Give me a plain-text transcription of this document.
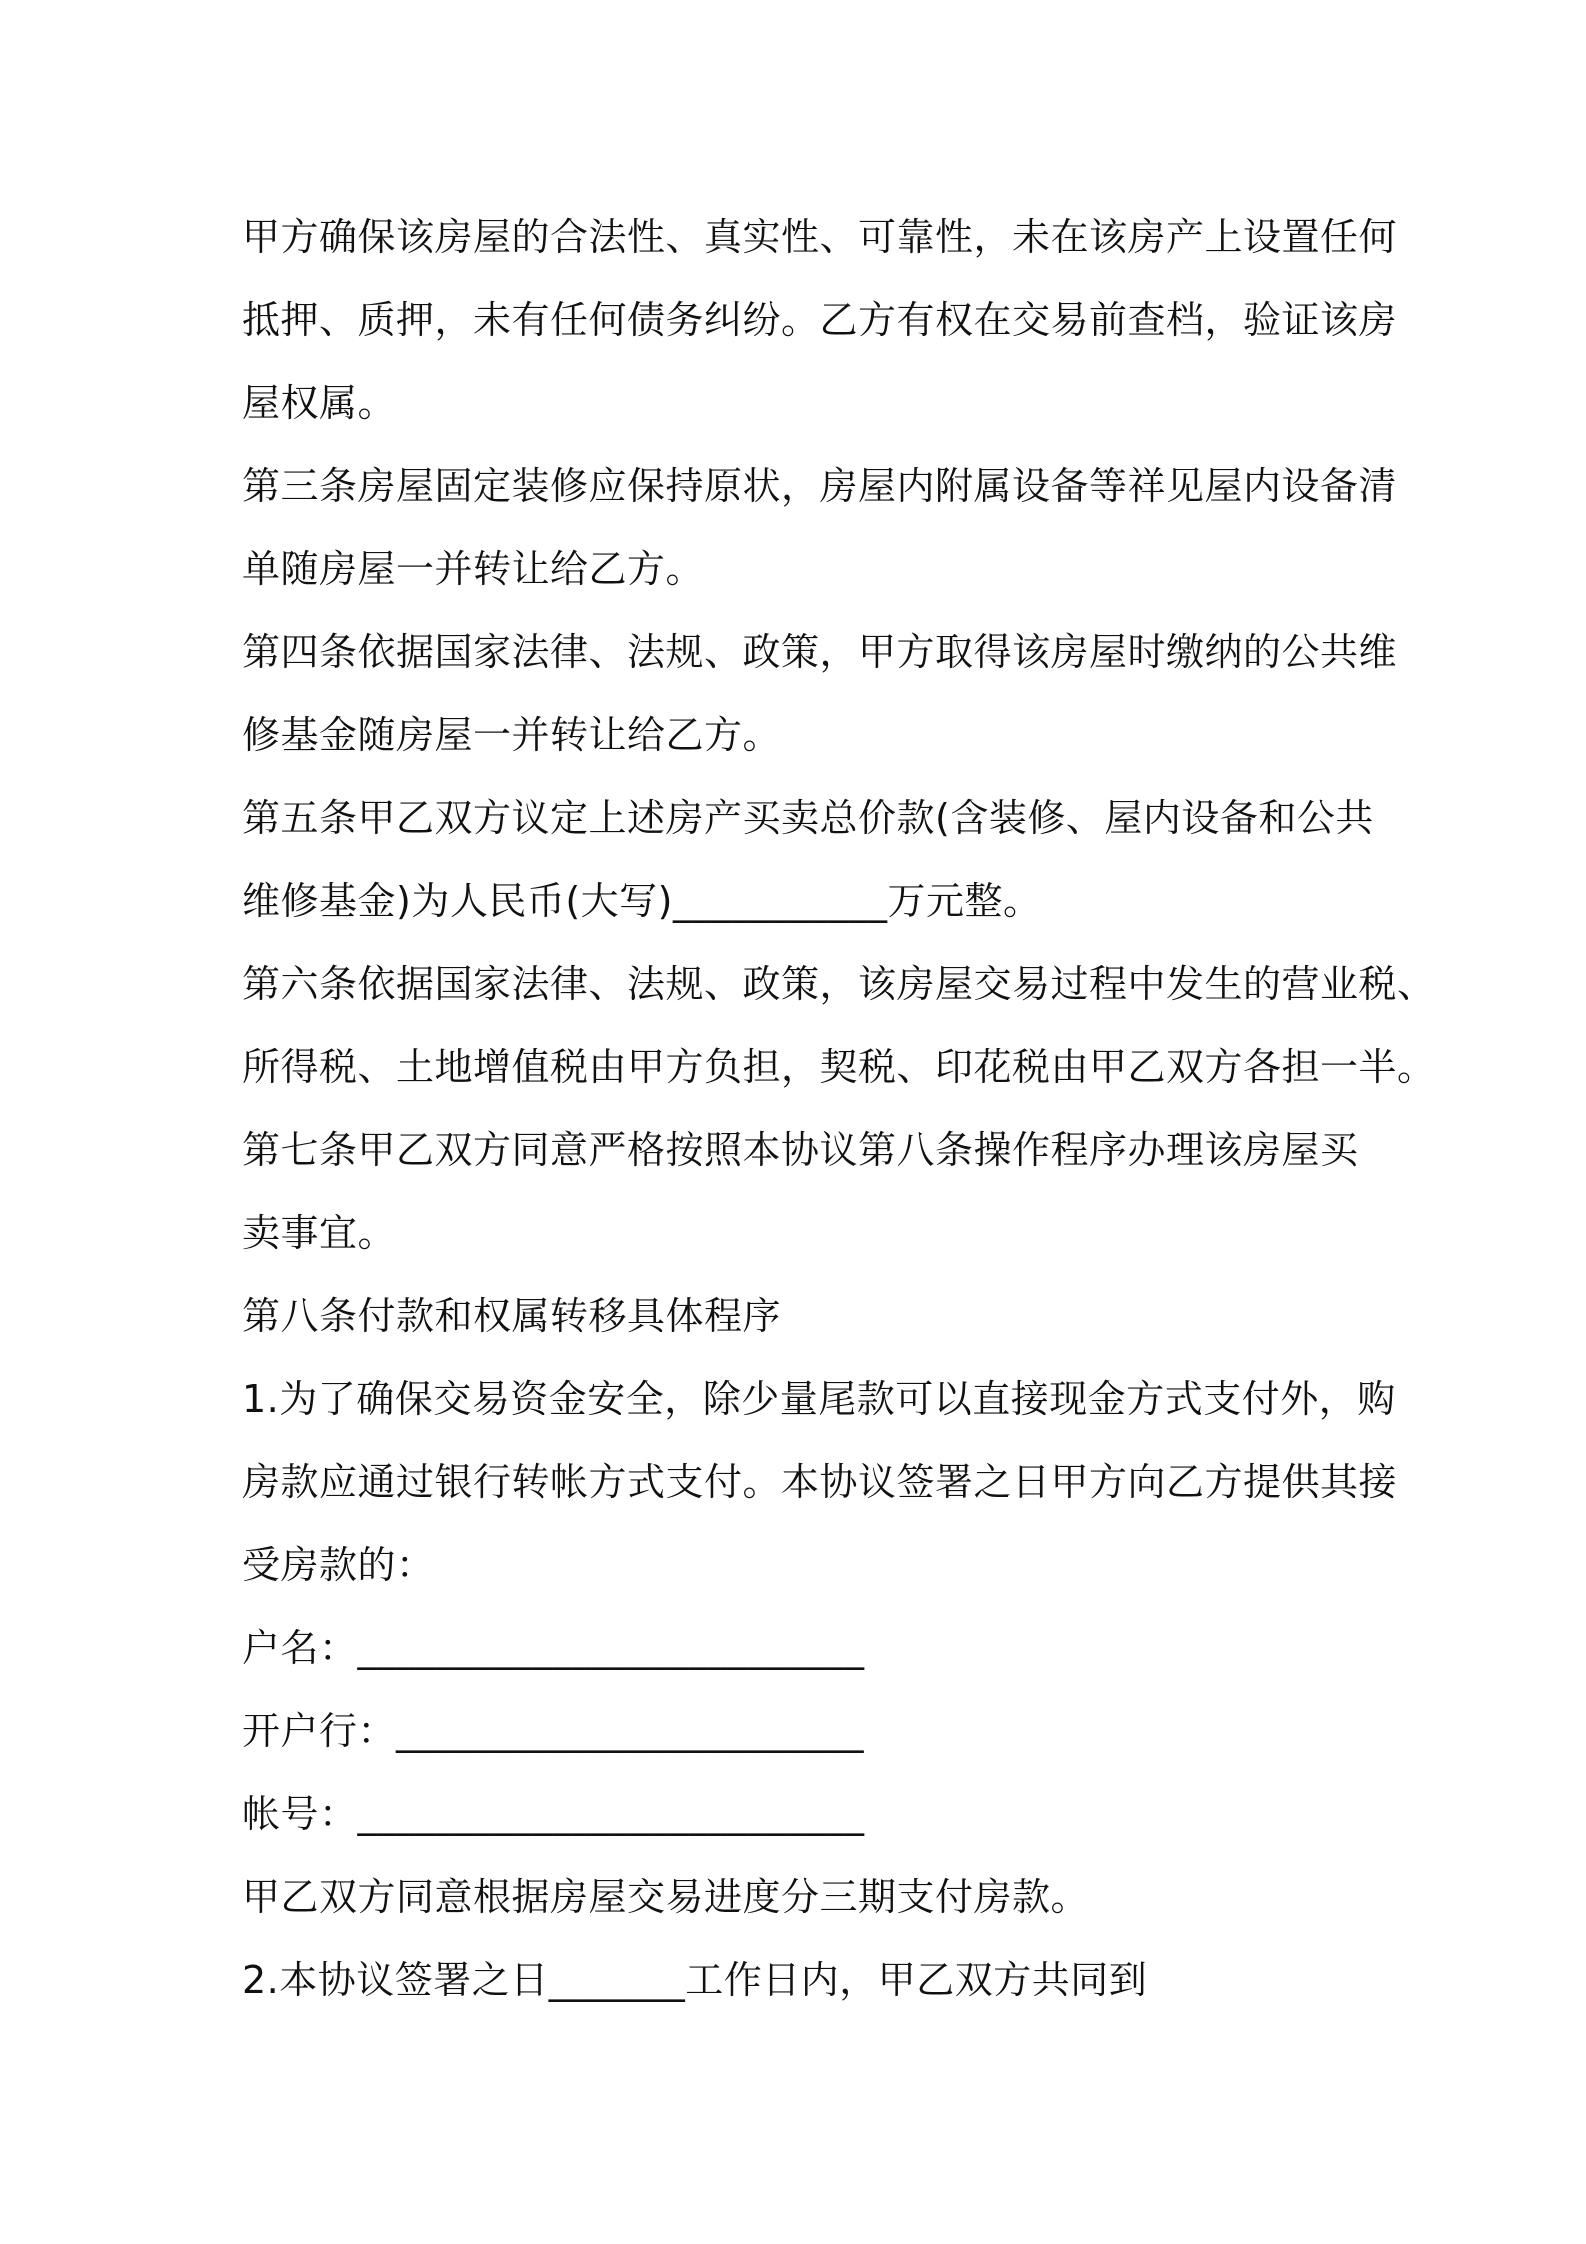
甲方确保该房屋的合法性、真实性、可靠性，未在该房产上设置任何
抵押、质押，未有任何债务纠纷。乙方有权在交易前查档，验证该房
屋权属。
第三条房屋固定装修应保持原状，房屋内附属设备等祥见屋内设备清
单随房屋一并转让给乙方。
第四条依据国家法律、法规、政策，甲方取得该房屋时缴纳的公共维
修基金随房屋一并转让给乙方。
第五条甲乙双方议定上述房产买卖总价款(含装修、屋内设备和公共
维修基金)为人民币(大写)___________万元整。
第六条依据国家法律、法规、政策，该房屋交易过程中发生的营业税、
所得税、土地增值税由甲方负担，契税、印花税由甲乙双方各担一半。
第七条甲乙双方同意严格按照本协议第八条操作程序办理该房屋买
卖事宜。
第八条付款和权属转移具体程序
1.为了确保交易资金安全，除少量尾款可以直接现金方式支付外，购
房款应通过银行转帐方式支付。本协议签署之日甲方向乙方提供其接
受房款的：
户名：__________________________
开户行：________________________
帐号：__________________________
甲乙双方同意根据房屋交易进度分三期支付房款。
2.本协议签署之日_______工作日内，甲乙双方共同到
